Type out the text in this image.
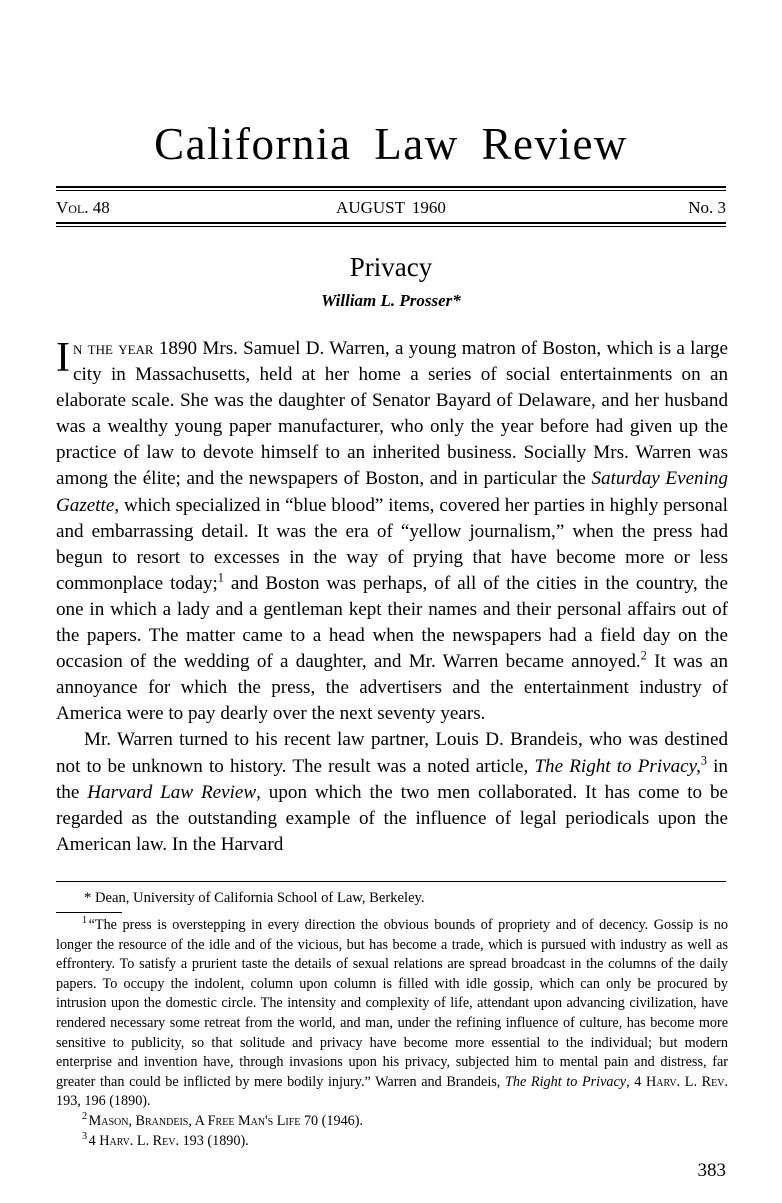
California Law Review
Vol. 48	AUGUST 1960	No. 3
Privacy
William L. Prosser*

In the year 1890 Mrs. Samuel D. Warren, a young matron of Boston, which is a large city in Massachusetts, held at her home a series of social entertainments on an elaborate scale. She was the daughter of Senator Bayard of Delaware, and her husband was a wealthy young paper manufacturer, who only the year before had given up the practice of law to devote himself to an inherited business. Socially Mrs. Warren was among the élite; and the newspapers of Boston, and in particular the Saturday Evening Gazette, which specialized in “blue blood” items, covered her parties in highly personal and embarrassing detail. It was the era of “yellow journalism,” when the press had begun to resort to excesses in the way of prying that have become more or less commonplace today;$^1$ and Boston was perhaps, of all of the cities in the country, the one in which a lady and a gentleman kept their names and their personal affairs out of the papers. The matter came to a head when the newspapers had a field day on the occasion of the wedding of a daughter, and Mr. Warren became annoyed.$^2$ It was an annoyance for which the press, the advertisers and the entertainment industry of America were to pay dearly over the next seventy years.

Mr. Warren turned to his recent law partner, Louis D. Brandeis, who was destined not to be unknown to history. The result was a noted article, The Right to Privacy,$^3$ in the Harvard Law Review, upon which the two men collaborated. It has come to be regarded as the outstanding example of the influence of legal periodicals upon the American law. In the Harvard

* Dean, University of California School of Law, Berkeley.

$^1$ “The press is overstepping in every direction the obvious bounds of propriety and of decency. Gossip is no longer the resource of the idle and of the vicious, but has become a trade, which is pursued with industry as well as effrontery. To satisfy a prurient taste the details of sexual relations are spread broadcast in the columns of the daily papers. To occupy the indolent, column upon column is filled with idle gossip, which can only be procured by intrusion upon the domestic circle. The intensity and complexity of life, attendant upon advancing civilization, have rendered necessary some retreat from the world, and man, under the refining influence of culture, has become more sensitive to publicity, so that solitude and privacy have become more essential to the individual; but modern enterprise and invention have, through invasions upon his privacy, subjected him to mental pain and distress, far greater than could be inflicted by mere bodily injury.” Warren and Brandeis, The Right to Privacy, 4 Harv. L. Rev. 193, 196 (1890).

$^2$ Mason, Brandeis, A Free Man's Life 70 (1946).

$^3$ 4 Harv. L. Rev. 193 (1890).

383
